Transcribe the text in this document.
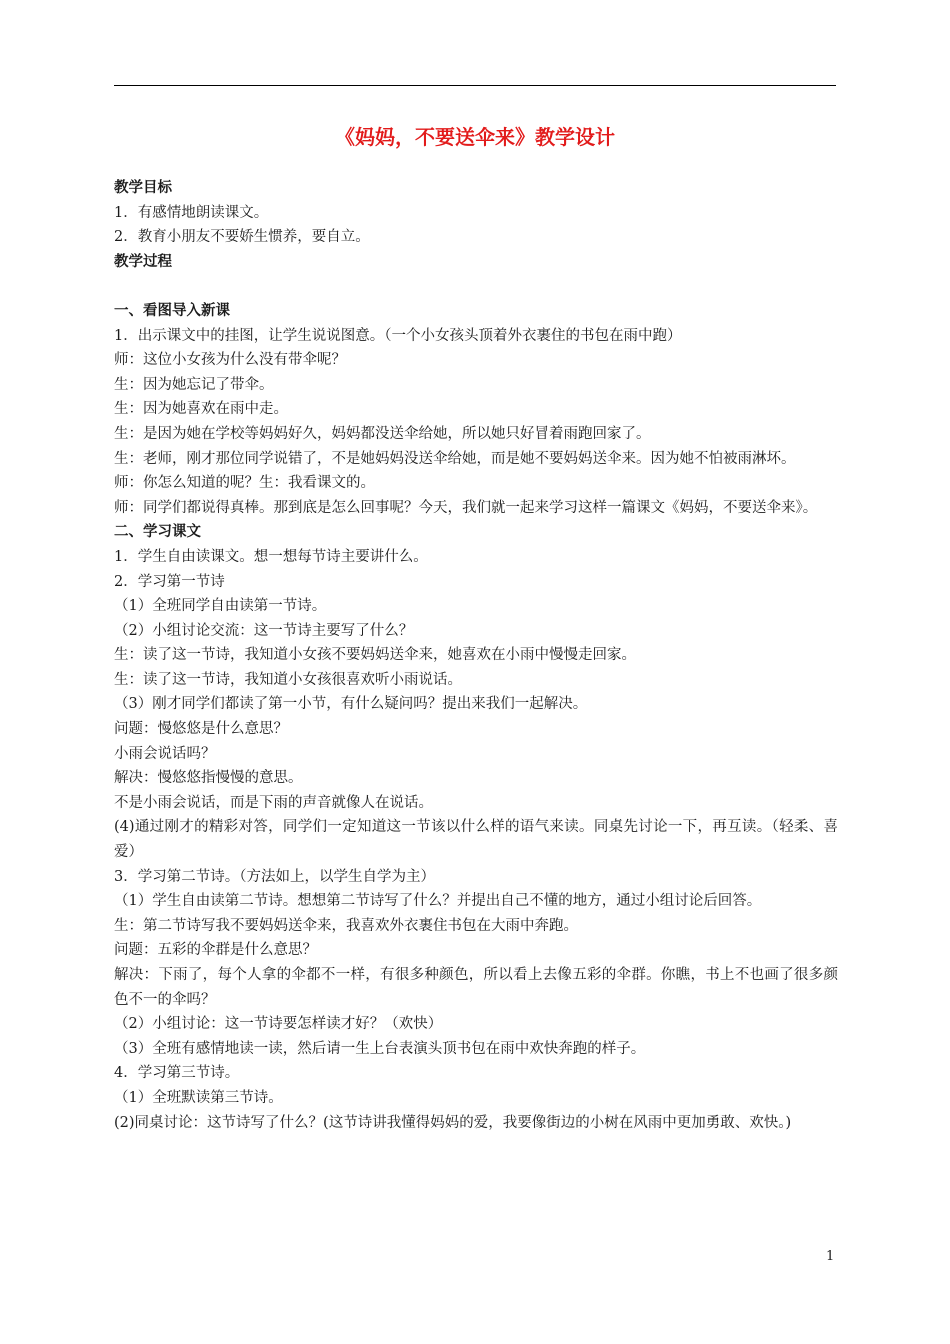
《妈妈，不要送伞来》教学设计

教学目标

1．有感情地朗读课文。

2．教育小朋友不要娇生惯养，要自立。

教学过程

一、看图导入新课

1．出示课文中的挂图，让学生说说图意。（一个小女孩头顶着外衣裹住的书包在雨中跑）

师：这位小女孩为什么没有带伞呢？

生：因为她忘记了带伞。

生：因为她喜欢在雨中走。

生：是因为她在学校等妈妈好久，妈妈都没送伞给她，所以她只好冒着雨跑回家了。

生：老师，刚才那位同学说错了，不是她妈妈没送伞给她，而是她不要妈妈送伞来。因为她不怕被雨淋坏。

师：你怎么知道的呢？生：我看课文的。

师：同学们都说得真棒。那到底是怎么回事呢？今天，我们就一起来学习这样一篇课文《妈妈，不要送伞来》。

二、学习课文

1．学生自由读课文。想一想每节诗主要讲什么。

2．学习第一节诗

（1）全班同学自由读第一节诗。

（2）小组讨论交流：这一节诗主要写了什么？

生：读了这一节诗，我知道小女孩不要妈妈送伞来，她喜欢在小雨中慢慢走回家。

生：读了这一节诗，我知道小女孩很喜欢听小雨说话。

（3）刚才同学们都读了第一小节，有什么疑问吗？提出来我们一起解决。

问题：慢悠悠是什么意思？

小雨会说话吗？

解决：慢悠悠指慢慢的意思。

不是小雨会说话，而是下雨的声音就像人在说话。

(4)通过刚才的精彩对答，同学们一定知道这一节该以什么样的语气来读。同桌先讨论一下，再互读。（轻柔、喜爱）

3．学习第二节诗。（方法如上，以学生自学为主）

（1）学生自由读第二节诗。想想第二节诗写了什么？并提出自己不懂的地方，通过小组讨论后回答。

生：第二节诗写我不要妈妈送伞来，我喜欢外衣裹住书包在大雨中奔跑。

问题：五彩的伞群是什么意思？

解决：下雨了，每个人拿的伞都不一样，有很多种颜色，所以看上去像五彩的伞群。你瞧，书上不也画了很多颜色不一的伞吗？

（2）小组讨论：这一节诗要怎样读才好？（欢快）

（3）全班有感情地读一读，然后请一生上台表演头顶书包在雨中欢快奔跑的样子。

4．学习第三节诗。

（1）全班默读第三节诗。

(2)同桌讨论：这节诗写了什么？(这节诗讲我懂得妈妈的爱，我要像街边的小树在风雨中更加勇敢、欢快。)

1
